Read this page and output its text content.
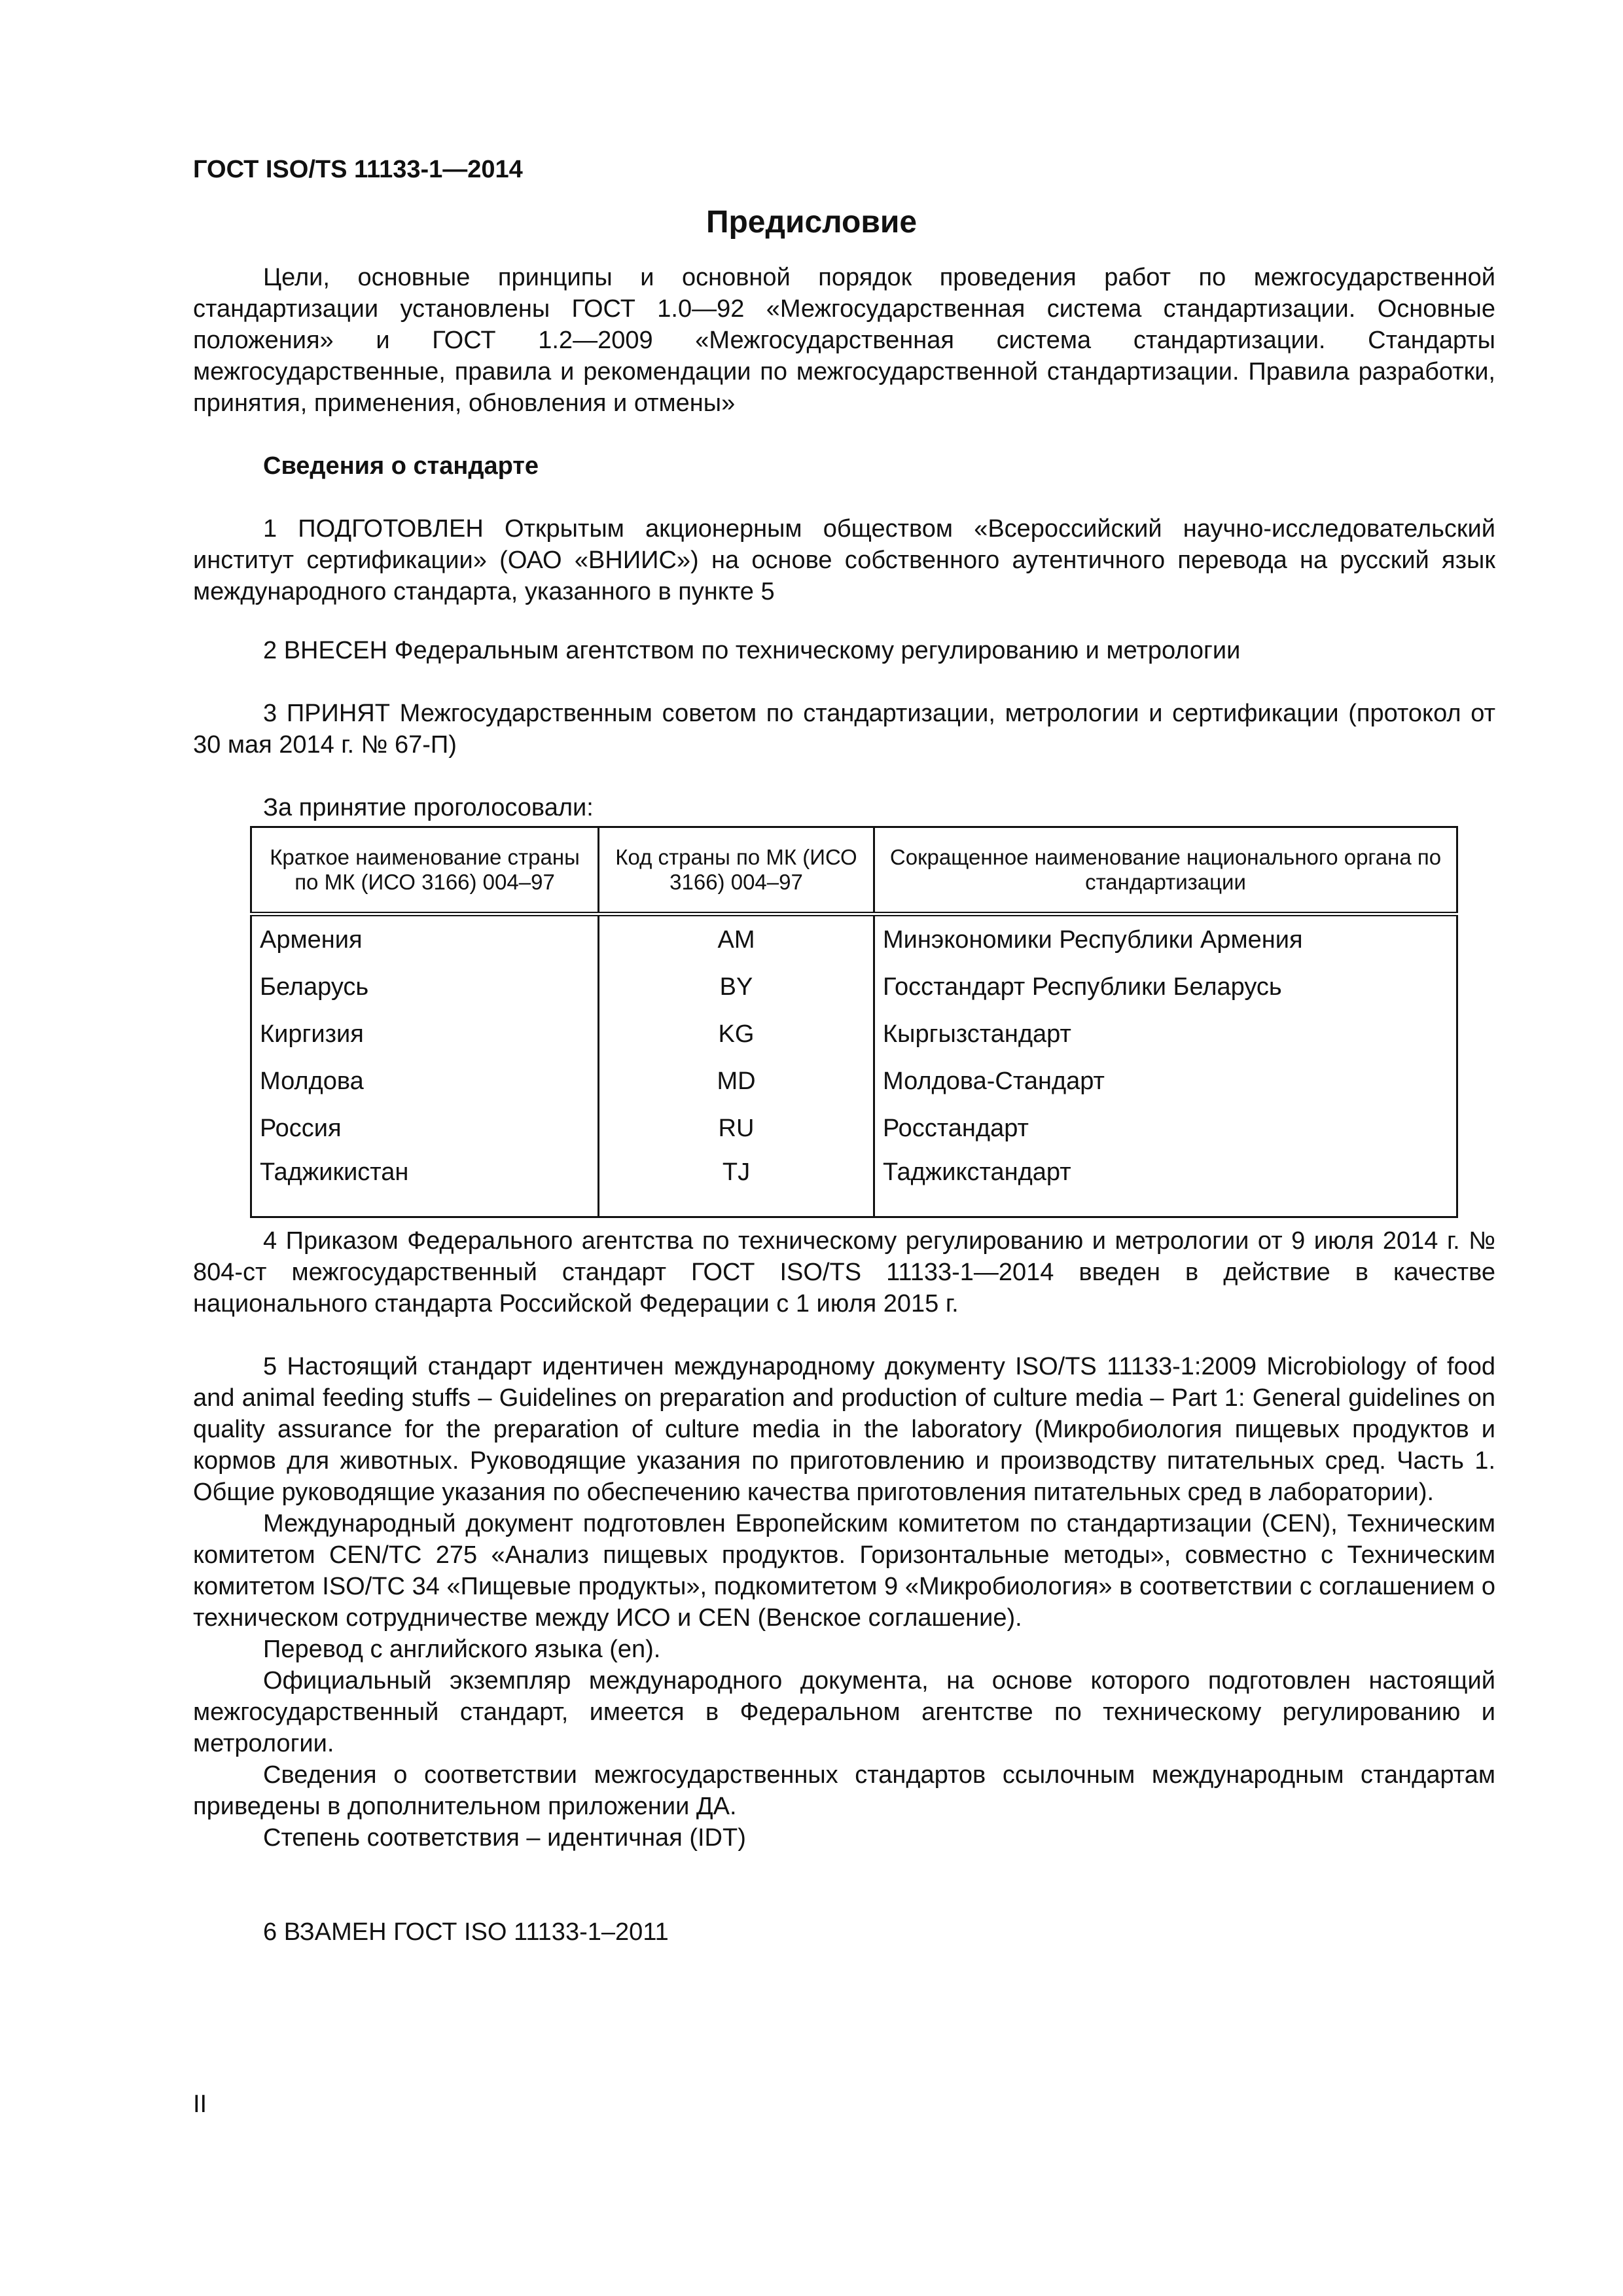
ГОСТ ISO/TS 11133-1—2014
Предисловие

Цели, основные принципы и основной порядок проведения работ по межгосударственной стандартизации установлены ГОСТ 1.0—92 «Межгосударственная система стандартизации. Основные положения» и ГОСТ 1.2—2009 «Межгосударственная система стандартизации. Стандарты межгосударственные, правила и рекомендации по межгосударственной стандартизации. Правила разработки, принятия, применения, обновления и отмены»

Сведения о стандарте

1 ПОДГОТОВЛЕН Открытым акционерным обществом «Всероссийский научно-исследовательский институт сертификации» (ОАО «ВНИИС») на основе собственного аутентичного перевода на русский язык международного стандарта, указанного в пункте 5

2 ВНЕСЕН Федеральным агентством по техническому регулированию и метрологии

3 ПРИНЯТ Межгосударственным советом по стандартизации, метрологии и сертификации (протокол от 30 мая 2014 г. № 67-П)

За принятие проголосовали:
Краткое наименование страны по МК (ИСО 3166) 004–97	Код страны по МК (ИСО 3166) 004–97	Сокращенное наименование национального органа по стандартизации
Армения	AM	Минэкономики Республики Армения
Беларусь	BY	Госстандарт Республики Беларусь
Киргизия	KG	Кыргызстандарт
Молдова	MD	Молдова-Стандарт
Россия	RU	Росстандарт
Таджикистан	TJ	Таджикстандарт

4 Приказом Федерального агентства по техническому регулированию и метрологии от 9 июля 2014 г. № 804-ст межгосударственный стандарт ГОСТ ISO/TS 11133-1—2014 введен в действие в качестве национального стандарта Российской Федерации с 1 июля 2015 г.

5 Настоящий стандарт идентичен международному документу ISO/TS 11133-1:2009 Microbiology of food and animal feeding stuffs – Guidelines on preparation and production of culture media – Part 1: General guidelines on quality assurance for the preparation of culture media in the laboratory (Микробиология пищевых продуктов и кормов для животных. Руководящие указания по приготовлению и производству питательных сред. Часть 1. Общие руководящие указания по обеспечению качества приготовления питательных сред в лаборатории).

Международный документ подготовлен Европейским комитетом по стандартизации (CEN), Техническим комитетом CEN/TC 275 «Анализ пищевых продуктов. Горизонтальные методы», совместно с Техническим комитетом ISO/TC 34 «Пищевые продукты», подкомитетом 9 «Микробиология» в соответствии с соглашением о техническом сотрудничестве между ИСО и CEN (Венское соглашение).

Перевод с английского языка (en).

Официальный экземпляр международного документа, на основе которого подготовлен настоящий межгосударственный стандарт, имеется в Федеральном агентстве по техническому регулированию и метрологии.

Сведения о соответствии межгосударственных стандартов ссылочным международным стандартам приведены в дополнительном приложении ДА.

Степень соответствия – идентичная (IDT)

6 ВЗАМЕН ГОСТ ISO 11133-1–2011

II
